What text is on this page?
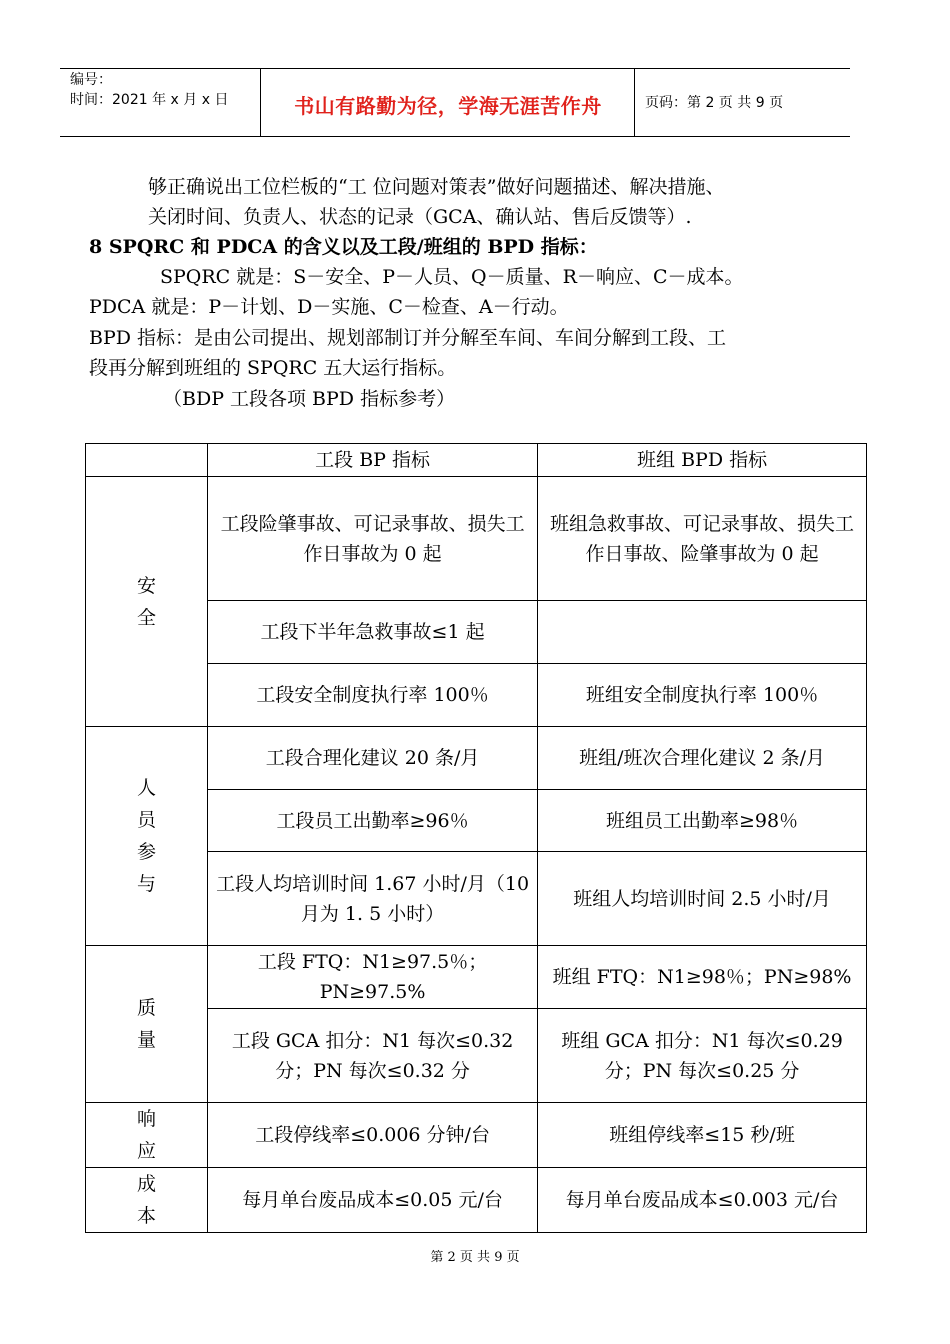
编号：
时间：2021 年 x 月 x 日	书山有路勤为径，学海无涯苦作舟	页码：第 2 页 共 9 页
够正确说出工位栏板的“工 位问题对策表”做好问题描述、解决措施、
关闭时间、负责人、状态的记录（GCA、确认站、售后反馈等）.
8 SPQRC 和 PDCA 的含义以及工段/班组的 BPD 指标：
SPQRC 就是：S－安全、P－人员、Q－质量、R－响应、C－成本。
PDCA 就是：P－计划、D－实施、C－检查、A－行动。
BPD 指标：是由公司提出、规划部制订并分解至车间、车间分解到工段、工
段再分解到班组的 SPQRC 五大运行指标。
（BDP 工段各项 BPD 指标参考）
	工段 BP 指标	班组 BPD 指标
安全	工段险肇事故、可记录事故、损失工作日事故为 0 起	班组急救事故、可记录事故、损失工作日事故、险肇事故为 0 起
	工段下半年急救事故≤1 起	
	工段安全制度执行率 100％	班组安全制度执行率 100％
人员参与	工段合理化建议 20 条/月	班组/班次合理化建议 2 条/月
	工段员工出勤率≥96％	班组员工出勤率≥98％
	工段人均培训时间 1.67 小时/月（10 月为 1. 5 小时）	班组人均培训时间 2.5 小时/月
质量	工段 FTQ：N1≥97.5％；PN≥97.5%	班组 FTQ：N1≥98％；PN≥98%
	工段 GCA 扣分：N1 每次≤0.32 分；PN 每次≤0.32 分	班组 GCA 扣分：N1 每次≤0.29 分；PN 每次≤0.25 分
响应	工段停线率≤0.006 分钟/台	班组停线率≤15 秒/班
成本	每月单台废品成本≤0.05 元/台	每月单台废品成本≤0.003 元/台
第 2 页 共 9 页
